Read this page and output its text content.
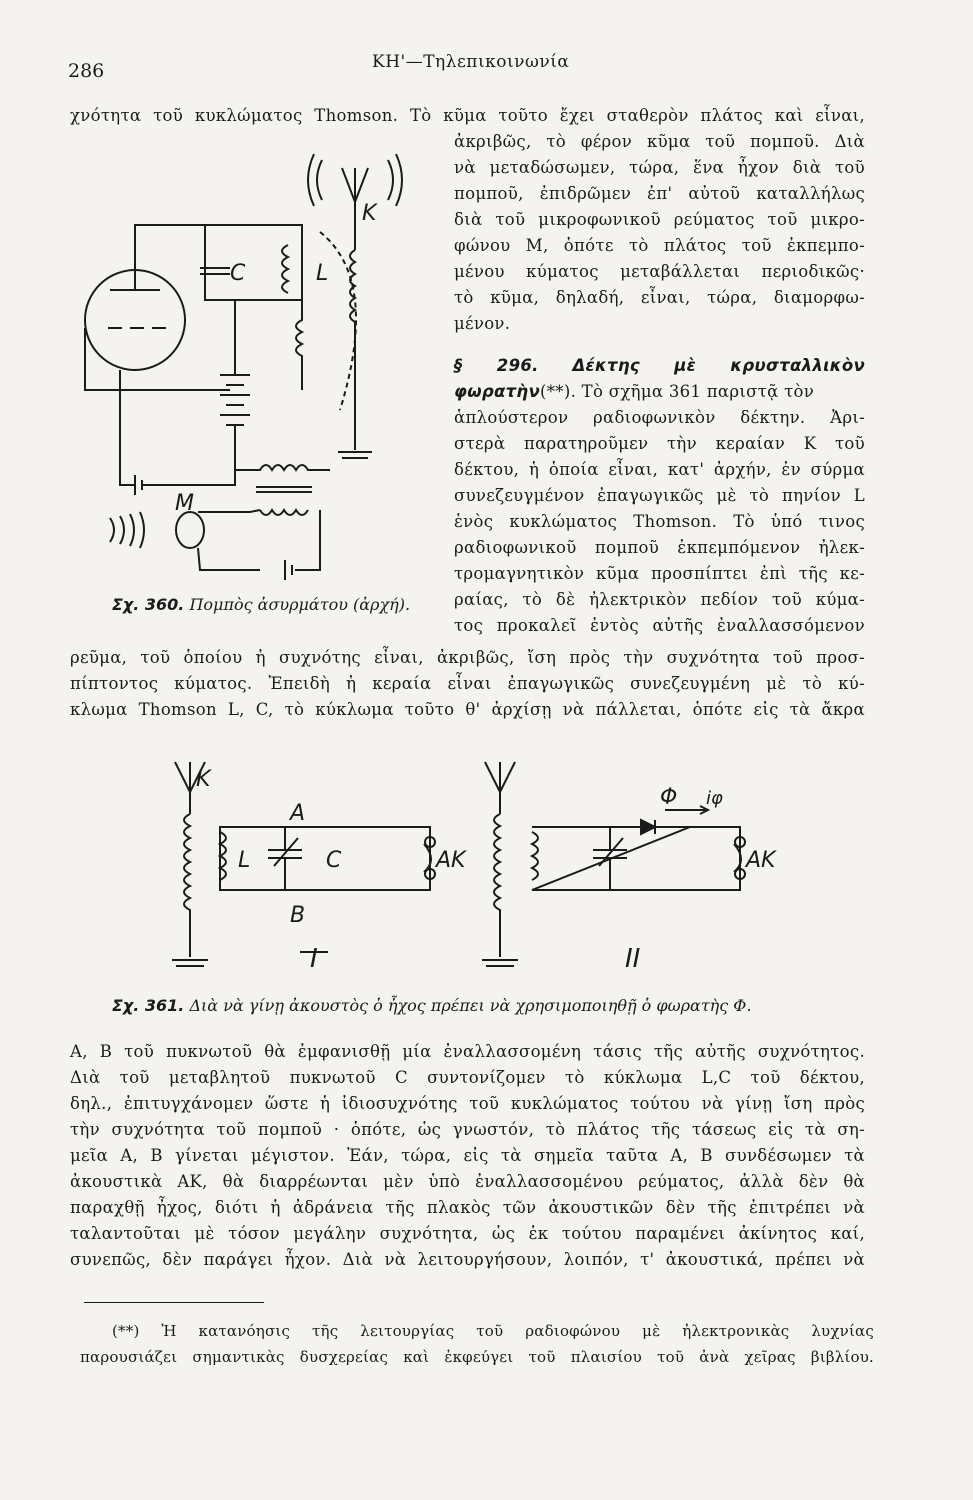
286	ΚΗ'—Τηλεπικοινωνία
χνότητα τοῦ κυκλώματος Thomson. Τὸ κῦμα τοῦτο ἔχει σταθερὸν πλάτος καὶ εἶναι,
ἀκριβῶς, τὸ φέρον κῦμα τοῦ πομποῦ. Διὰ
νὰ μεταδώσωμεν, τώρα, ἕνα ἦχον διὰ τοῦ
πομποῦ, ἐπιδρῶμεν ἐπ' αὐτοῦ καταλλήλως
διὰ τοῦ μικροφωνικοῦ ρεύματος τοῦ μικρο-
φώνου Μ, ὁπότε τὸ πλάτος τοῦ ἐκπεμπο-
μένου κύματος μεταβάλλεται περιοδικῶς·
τὸ κῦμα, δηλαδή, εἶναι, τώρα, διαμορφω-
μένον.
§ 296. Δέκτης μὲ κρυσταλλικὸν
φωρατὴν(**). Τὸ σχῆμα 361 παριστᾷ τὸν
ἁπλούστερον ραδιοφωνικὸν δέκτην. Ἀρι-
στερὰ παρατηροῦμεν τὴν κεραίαν Κ τοῦ
δέκτου, ἡ ὁποία εἶναι, κατ' ἀρχήν, ἐν σύρμα
συνεζευγμένον ἐπαγωγικῶς μὲ τὸ πηνίον L
ἑνὸς κυκλώματος Thomson. Τὸ ὑπό τινος
ραδιοφωνικοῦ πομποῦ ἐκπεμπόμενον ἠλεκ-
τρομαγνητικὸν κῦμα προσπίπτει ἐπὶ τῆς κε-
ραίας, τὸ δὲ ἠλεκτρικὸν πεδίον τοῦ κύμα-
τος προκαλεῖ ἐντὸς αὐτῆς ἐναλλασσόμενον
ρεῦμα, τοῦ ὁποίου ἡ συχνότης εἶναι, ἀκριβῶς, ἴση πρὸς τὴν συχνότητα τοῦ προσ-
πίπτοντος κύματος. Ἐπειδὴ ἡ κεραία εἶναι ἐπαγωγικῶς συνεζευγμένη μὲ τὸ κύ-
κλωμα Thomson L, C, τὸ κύκλωμα τοῦτο θ' ἀρχίσῃ νὰ πάλλεται, ὁπότε εἰς τὰ ἄκρα
C	L
K
M
Σχ. 360. Πομπὸς ἀσυρμάτου (ἀρχή).
K
A
B
L	C	AK
I
Φ iφ
AK
II
Σχ. 361. Διὰ νὰ γίνῃ ἀκουστὸς ὁ ἦχος πρέπει νὰ χρησιμοποιηθῇ ὁ φωρατὴς Φ.
Α, Β τοῦ πυκνωτοῦ θὰ ἐμφανισθῇ μία ἐναλλασσομένη τάσις τῆς αὐτῆς συχνότητος.
Διὰ τοῦ μεταβλητοῦ πυκνωτοῦ C συντονίζομεν τὸ κύκλωμα L,C τοῦ δέκτου,
δηλ., ἐπιτυγχάνομεν ὥστε ἡ ἰδιοσυχνότης τοῦ κυκλώματος τούτου νὰ γίνῃ ἴση πρὸς
τὴν συχνότητα τοῦ πομποῦ · ὁπότε, ὡς γνωστόν, τὸ πλάτος τῆς τάσεως εἰς τὰ ση-
μεῖα Α, Β γίνεται μέγιστον. Ἐάν, τώρα, εἰς τὰ σημεῖα ταῦτα Α, Β συνδέσωμεν τὰ
ἀκουστικὰ ΑΚ, θὰ διαρρέωνται μὲν ὑπὸ ἐναλλασσομένου ρεύματος, ἀλλὰ δὲν θὰ
παραχθῇ ἦχος, διότι ἡ ἀδράνεια τῆς πλακὸς τῶν ἀκουστικῶν δὲν τῆς ἐπιτρέπει νὰ
ταλαντοῦται μὲ τόσον μεγάλην συχνότητα, ὡς ἐκ τούτου παραμένει ἀκίνητος καί,
συνεπῶς, δὲν παράγει ἦχον. Διὰ νὰ λειτουργήσουν, λοιπόν, τ' ἀκουστικά, πρέπει νὰ
(**) Ἡ κατανόησις τῆς λειτουργίας τοῦ ραδιοφώνου μὲ ἠλεκτρονικὰς λυχνίας
παρουσιάζει σημαντικὰς δυσχερείας καὶ ἐκφεύγει τοῦ πλαισίου τοῦ ἀνὰ χεῖρας βιβλίου.
